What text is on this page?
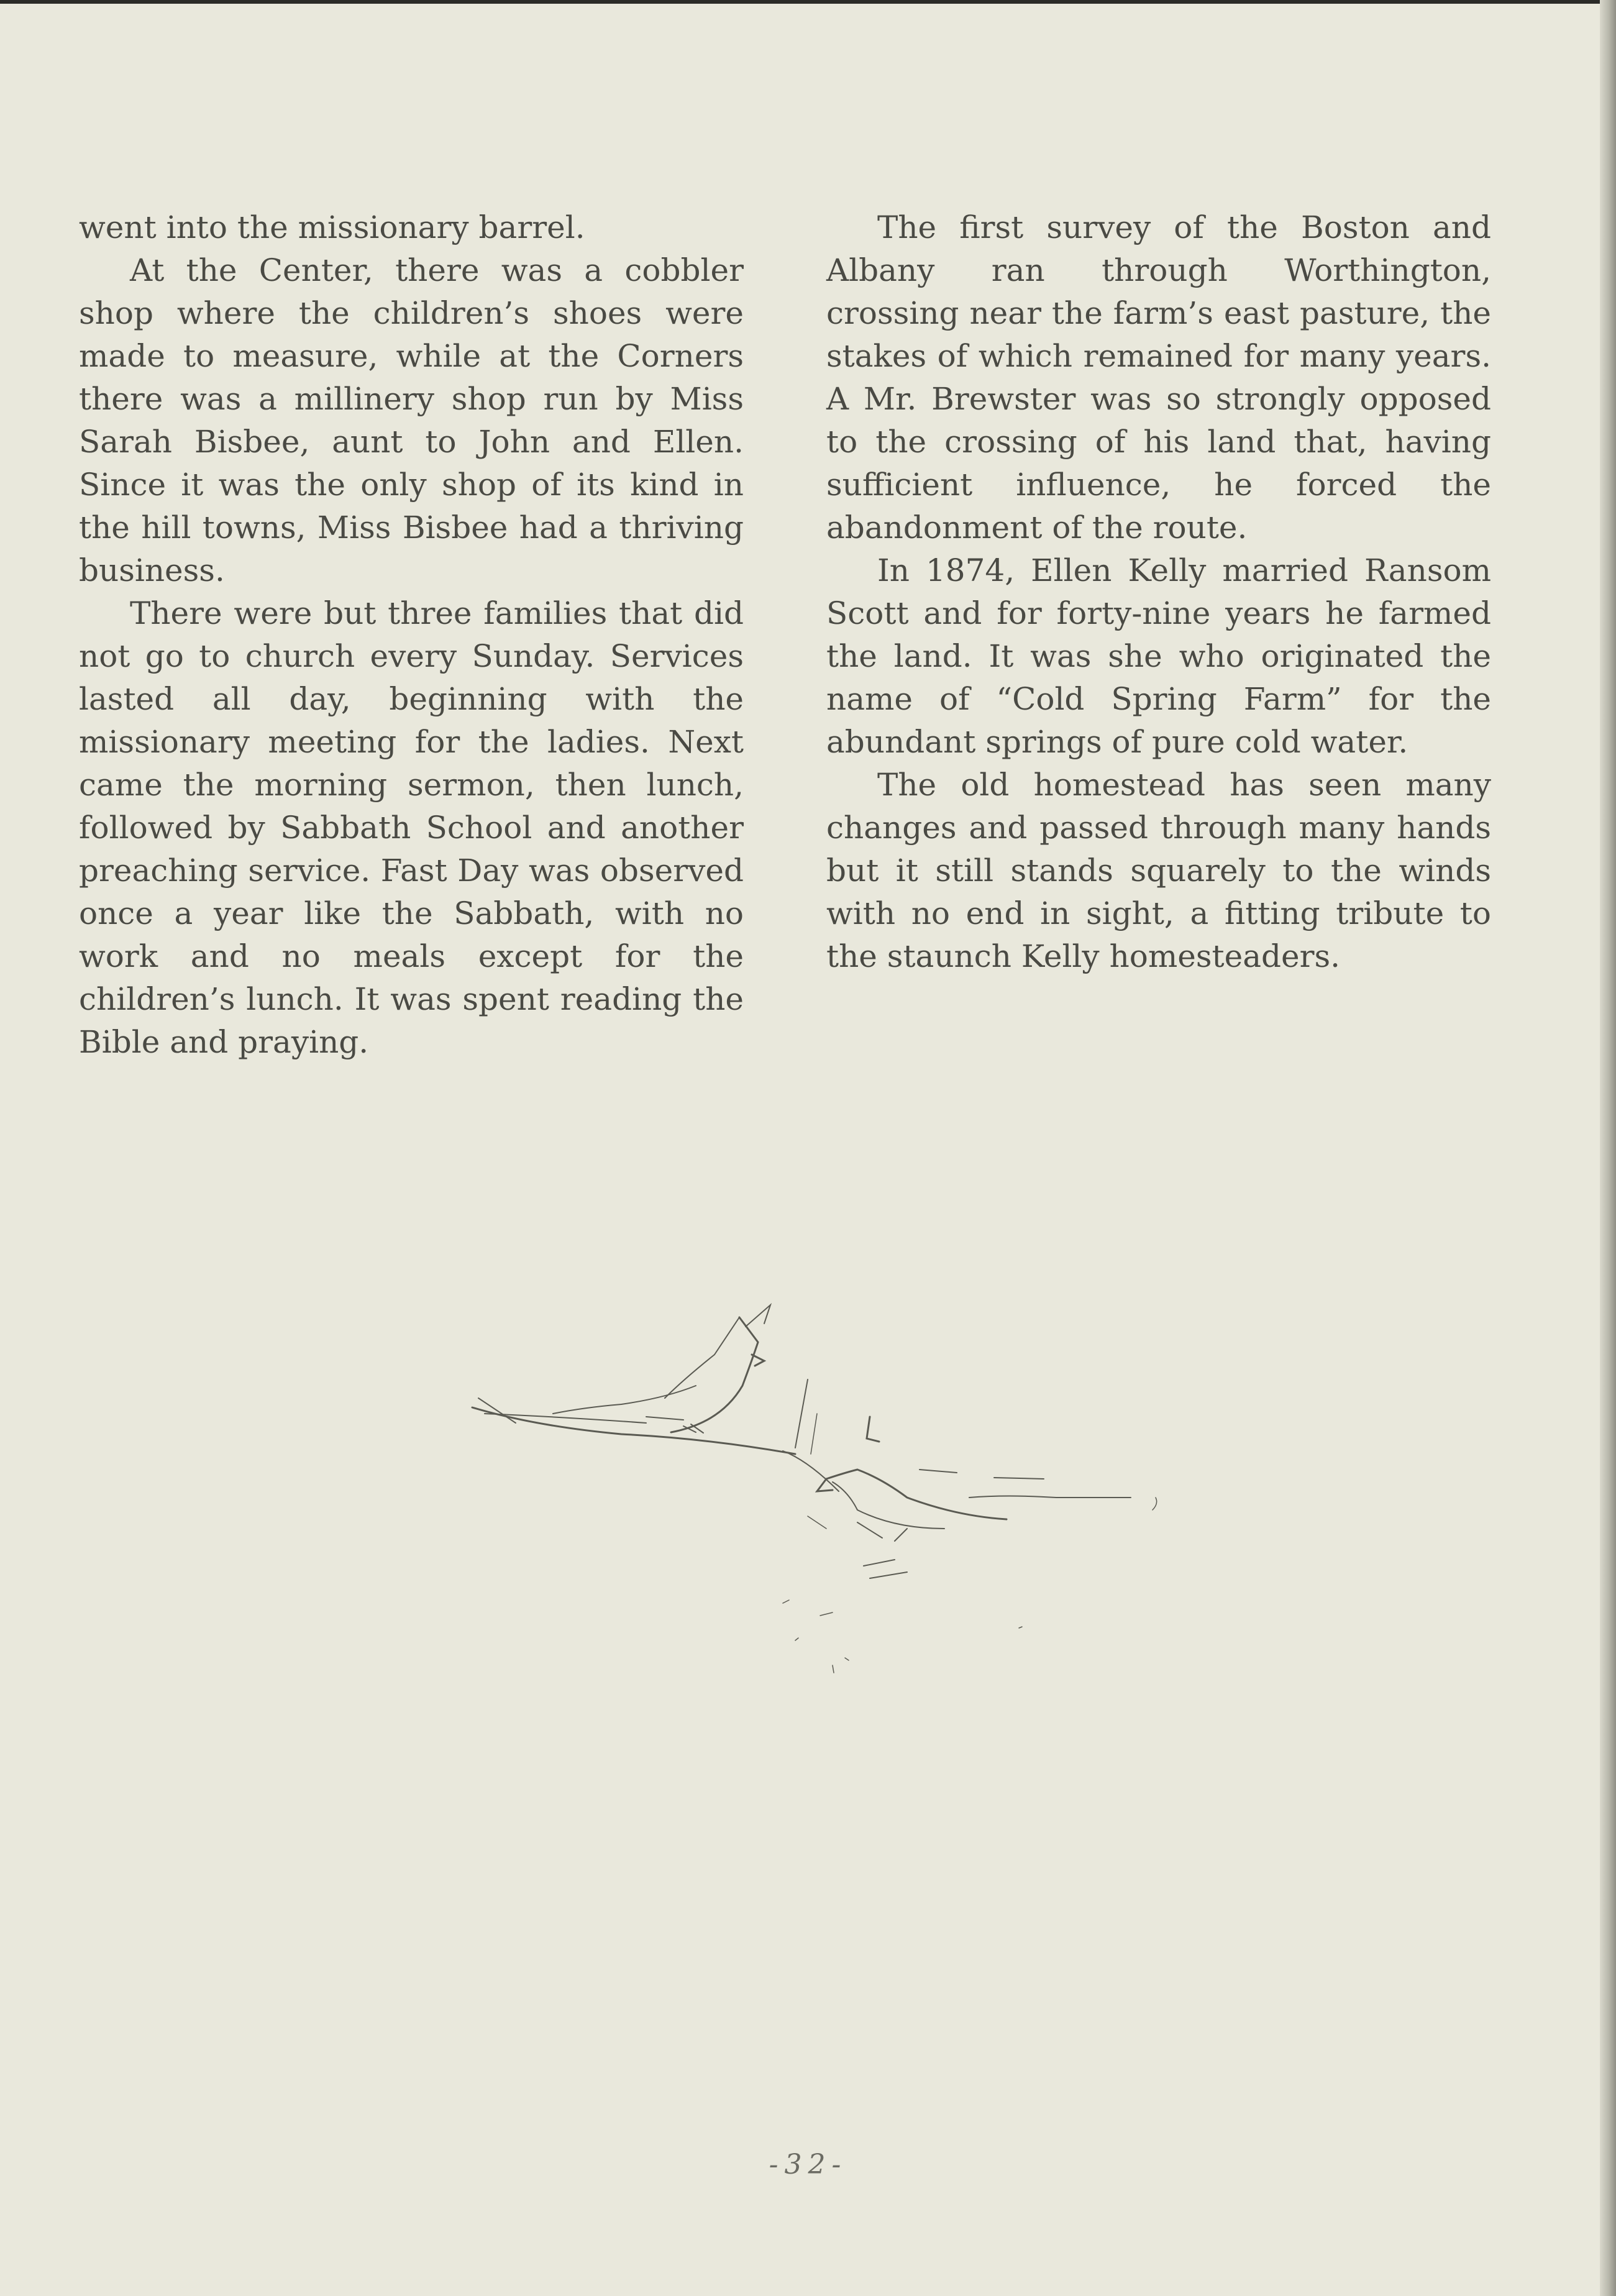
went into the missionary barrel.

At the Center, there was a cobbler shop where the children’s shoes were made to measure, while at the Corners there was a millinery shop run by Miss Sarah Bisbee, aunt to John and Ellen. Since it was the only shop of its kind in the hill towns, Miss Bisbee had a thriving business.

There were but three families that did not go to church every Sunday. Services lasted all day, beginning with the missionary meeting for the ladies. Next came the morning sermon, then lunch, followed by Sabbath School and another preaching service. Fast Day was observed once a year like the Sabbath, with no work and no meals except for the children’s lunch. It was spent reading the Bible and praying.

The first survey of the Boston and Albany ran through Worthington, crossing near the farm’s east pasture, the stakes of which remained for many years. A Mr. Brewster was so strongly opposed to the crossing of his land that, having sufficient influence, he forced the abandonment of the route.

In 1874, Ellen Kelly married Ransom Scott and for forty-nine years he farmed the land. It was she who originated the name of “Cold Spring Farm” for the abundant springs of pure cold water.

The old homestead has seen many changes and passed through many hands but it still stands squarely to the winds with no end in sight, a fitting tribute to the staunch Kelly homesteaders.

-32-
